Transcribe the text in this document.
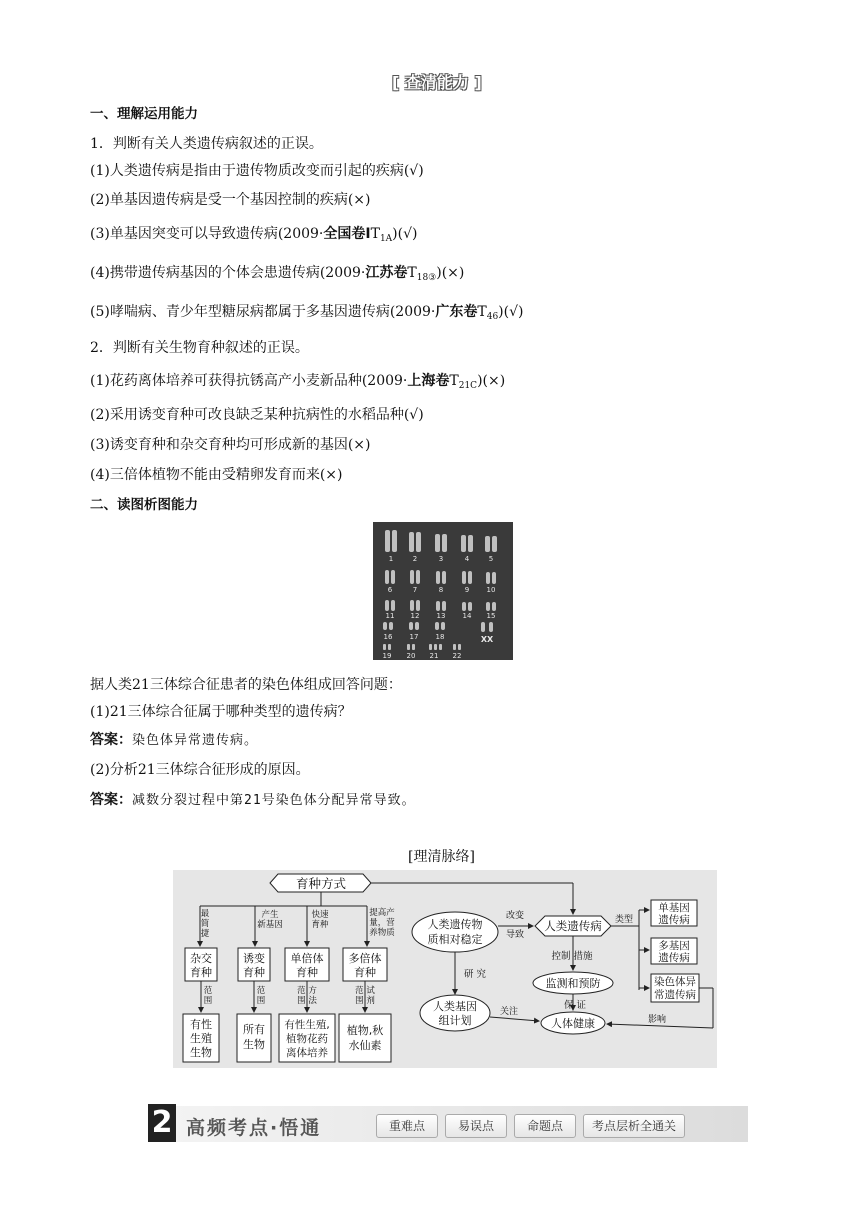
[ 查清能力 ]
一、理解运用能力
1．判断有关人类遗传病叙述的正误。
(1)人类遗传病是指由于遗传物质改变而引起的疾病(√)
(2)单基因遗传病是受一个基因控制的疾病(×)
(3)单基因突变可以导致遗传病(2009·全国卷$ⅠT_{1A})(√)$
(4)携带遗传病基因的个体会患遗传病(2009·江苏卷$T_{18③})(\times)$
(5)哮喘病、青少年型糖尿病都属于多基因遗传病(2009·广东卷$T_{46})(√)$
2．判断有关生物育种叙述的正误。
(1)花药离体培养可获得抗锈高产小麦新品种(2009·上海卷$T_{21C})(\times)$
(2)采用诱变育种可改良缺乏某种抗病性的水稻品种(√)
(3)诱变育种和杂交育种均可形成新的基因(×)
(4)三倍体植物不能由受精卵发育而来(×)
二、读图析图能力
1	2	3	4	5
6	7	8	9 10
11 12 13 14 15
16 17 18	XX
19 20 21 22
据人类21三体综合征患者的染色体组成回答问题：
(1)21三体综合征属于哪种类型的遗传病？
答案：染色体异常遗传病。
(2)分析21三体综合征形成的原因。
答案：减数分裂过程中第21号染色体分配异常导致。
[理清脉络]
育种方式
最
简
捷
产生
新基因
快速
育种
提高产
量，营
养物质
杂交
育种
诱变
育种
单倍体
育种
多倍体
育种
范
围
范
围
范 方
围 法
范 试
围 剂
有性
生殖
生物
所有
生物
有性生殖,
植物花药
离体培养
植物,秋
水仙素
人类遗传物
质相对稳定
改变
导致
人类遗传病 类型
单基因
遗传病
多基因
遗传病
染色体异
常遗传病
控制 措施
监测和预防
研 究
人类基因
组计划
关注
保 证
人体健康	影响
2 高频考点·悟通	重难点	易误点	命题点	考点层析全通关
